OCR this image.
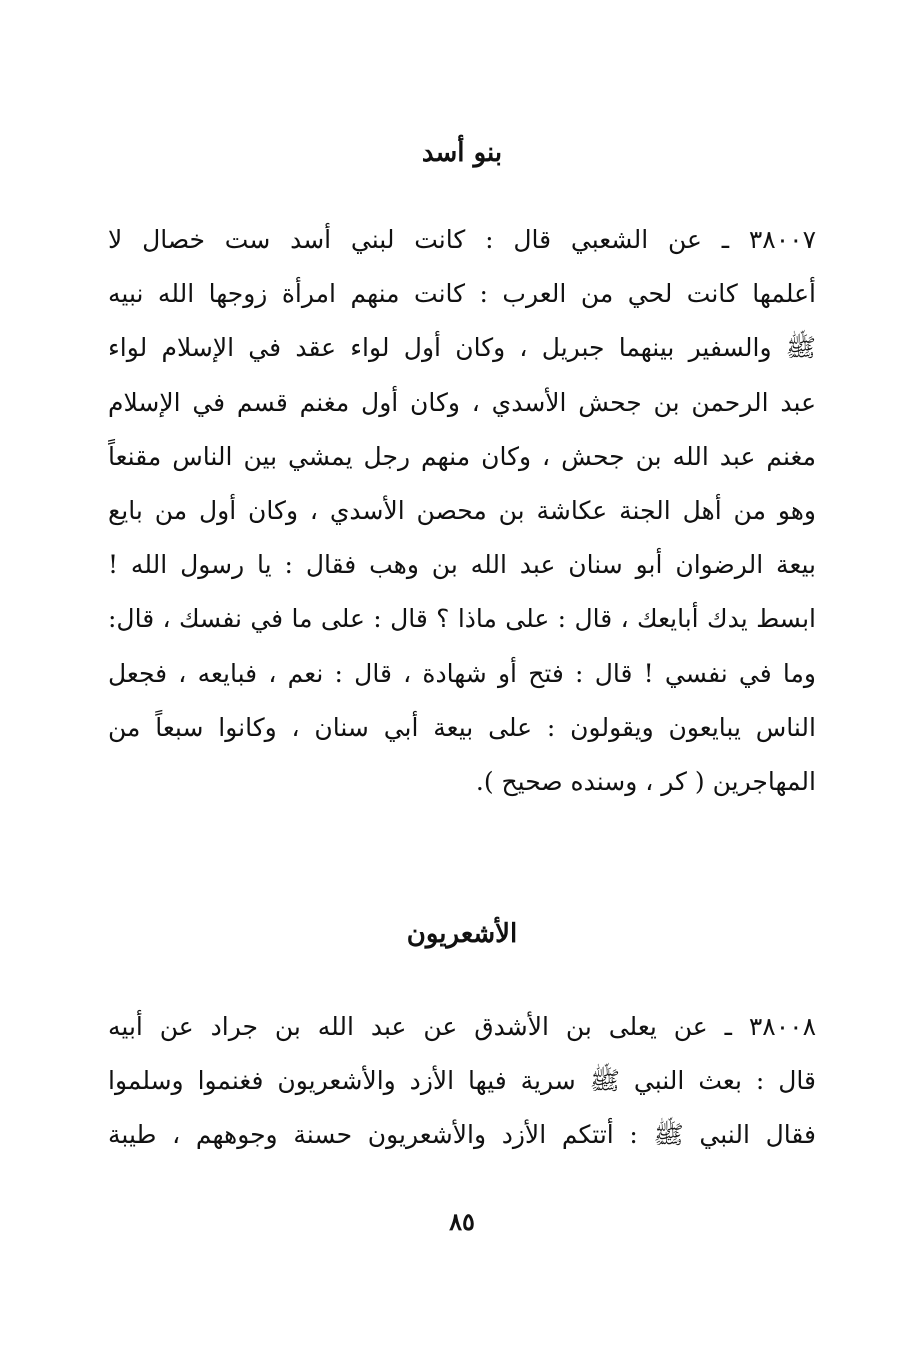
بنو أسد
٣٨٠٠٧ ـ عن الشعبي قال : كانت لبني أسد ست خصال لا
أعلمها كانت لحي من العرب : كانت منهم امرأة زوجها الله نبيه
ﷺ والسفير بينهما جبريل ، وكان أول لواء عقد في الإسلام لواء
عبد الرحمن بن جحش الأسدي ، وكان أول مغنم قسم في الإسلام
مغنم عبد الله بن جحش ، وكان منهم رجل يمشي بين الناس مقنعاً
وهو من أهل الجنة عكاشة بن محصن الأسدي ، وكان أول من بايع
بيعة الرضوان أبو سنان عبد الله بن وهب فقال : يا رسول الله !
ابسط يدك أبايعك ، قال : على ماذا ؟ قال : على ما في نفسك ، قال:
وما في نفسي ! قال : فتح أو شهادة ، قال : نعم ، فبايعه ، فجعل
الناس يبايعون ويقولون : على بيعة أبي سنان ، وكانوا سبعاً من
المهاجرين ( كر ، وسنده صحيح ).
الأشعريون
٣٨٠٠٨ ـ عن يعلى بن الأشدق عن عبد الله بن جراد عن أبيه
قال : بعث النبي ﷺ سرية فيها الأزد والأشعريون فغنموا وسلموا
فقال النبي ﷺ : أتتكم الأزد والأشعريون حسنة وجوههم ، طيبة
٨٥
